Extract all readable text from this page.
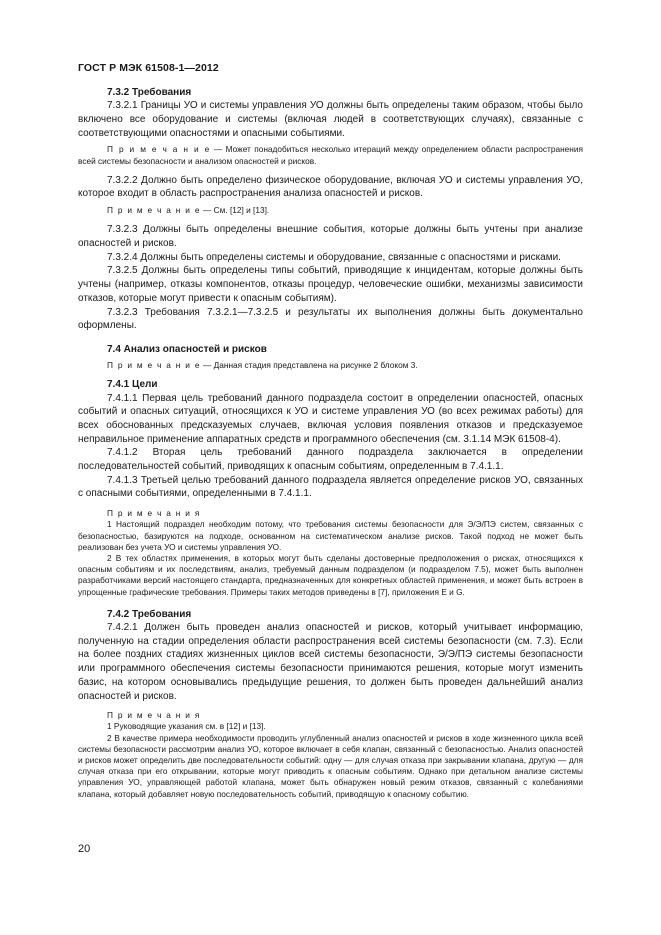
ГОСТ Р МЭК 61508-1—2012

7.3.2 Требования

7.3.2.1 Границы УО и системы управления УО должны быть определены таким образом, чтобы было включено все оборудование и системы (включая людей в соответствующих случаях), связанные с соответствующими опасностями и опасными событиями.

П р и м е ч а н и е — Может понадобиться несколько итераций между определением области распространения всей системы безопасности и анализом опасностей и рисков.

7.3.2.2 Должно быть определено физическое оборудование, включая УО и системы управления УО, которое входит в область распространения анализа опасностей и рисков.

П р и м е ч а н и е — См. [12] и [13].

7.3.2.3 Должны быть определены внешние события, которые должны быть учтены при анализе опасностей и рисков.

7.3.2.4 Должны быть определены системы и оборудование, связанные с опасностями и рисками.

7.3.2.5 Должны быть определены типы событий, приводящие к инцидентам, которые должны быть учтены (например, отказы компонентов, отказы процедур, человеческие ошибки, механизмы зависимости отказов, которые могут привести к опасным событиям).

7.3.2.3 Требования 7.3.2.1—7.3.2.5 и результаты их выполнения должны быть документально оформлены.

7.4 Анализ опасностей и рисков

П р и м е ч а н и е — Данная стадия представлена на рисунке 2 блоком 3.

7.4.1 Цели

7.4.1.1 Первая цель требований данного подраздела состоит в определении опасностей, опасных событий и опасных ситуаций, относящихся к УО и системе управления УО (во всех режимах работы) для всех обоснованных предсказуемых случаев, включая условия появления отказов и предсказуемое неправильное применение аппаратных средств и программного обеспечения (см. 3.1.14 МЭК 61508-4).

7.4.1.2 Вторая цель требований данного подраздела заключается в определении последовательностей событий, приводящих к опасным событиям, определенным в 7.4.1.1.

7.4.1.3 Третьей целью требований данного подраздела является определение рисков УО, связанных с опасными событиями, определенными в 7.4.1.1.

П р и м е ч а н и я

1 Настоящий подраздел необходим потому, что требования системы безопасности для Э/Э/ПЭ систем, связанных с безопасностью, базируются на подходе, основанном на систематическом анализе рисков. Такой подход не может быть реализован без учета УО и системы управления УО.

2 В тех областях применения, в которых могут быть сделаны достоверные предположения о рисках, относящихся к опасным событиям и их последствиям, анализ, требуемый данным подразделом (и подразделом 7.5), может быть выполнен разработчиками версий настоящего стандарта, предназначенных для конкретных областей применения, и может быть встроен в упрощенные графические требования. Примеры таких методов приведены в [7], приложения Е и G.

7.4.2 Требования

7.4.2.1 Должен быть проведен анализ опасностей и рисков, который учитывает информацию, полученную на стадии определения области распространения всей системы безопасности (см. 7.3). Если на более поздних стадиях жизненных циклов всей системы безопасности, Э/Э/ПЭ системы безопасности или программного обеспечения системы безопасности принимаются решения, которые могут изменить базис, на котором основывались предыдущие решения, то должен быть проведен дальнейший анализ опасностей и рисков.

П р и м е ч а н и я

1 Руководящие указания см. в [12] и [13].

2 В качестве примера необходимости проводить углубленный анализ опасностей и рисков в ходе жизненного цикла всей системы безопасности рассмотрим анализ УО, которое включает в себя клапан, связанный с безопасностью. Анализ опасностей и рисков может определить две последовательности событий: одну — для случая отказа при закрывании клапана, другую — для случая отказа при его открывании, которые могут приводить к опасным событиям. Однако при детальном анализе системы управления УО, управляющей работой клапана, может быть обнаружен новый режим отказов, связанный с колебаниями клапана, который добавляет новую последовательность событий, приводящую к опасному событию.

20
